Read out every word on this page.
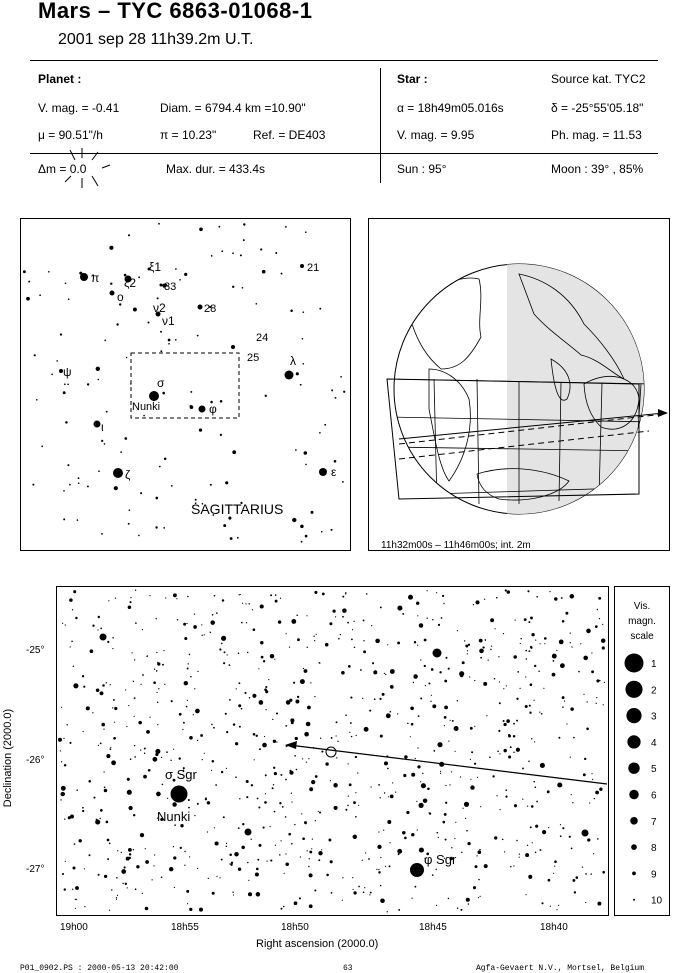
Mars – TYC 6863-01068-1
2001 sep 28 11h39.2m U.T.
Planet :
V. mag. = -0.41	Diam. = 6794.4 km =10.90"
μ = 90.51"/h	π = 10.23"	Ref. = DE403
Δm = 0.0	Max. dur. = 433.4s
Star :	Source kat. TYC2
α = 18h49m05.016s	δ = -25°55'05.18"
V. mag. = 9.95	Ph. mag. = 11.53
Sun : 95°	Moon : 39° , 85%
π ξ2
ξ1
33
ο
ν2
ν1
28
21
24
25	λ
ψ
σ
Nunki	φ
ι
ζ	ε
SAGITTARIUS
11h32m00s – 11h46m00s; int. 2m
σ Sgr
Nunki
φ Sgr
19h00	18h55	18h50	18h45	18h40
Right ascension (2000.0)
-25°
-26°
-27°
Declination (2000.0)
Vis.
magn.
scale
1
2
3
4
5
6
7
8
9
10
P01_0902.PS : 2000-05-13 20:42:00	63	Agfa-Gevaert N.V., Mortsel, Belgium
